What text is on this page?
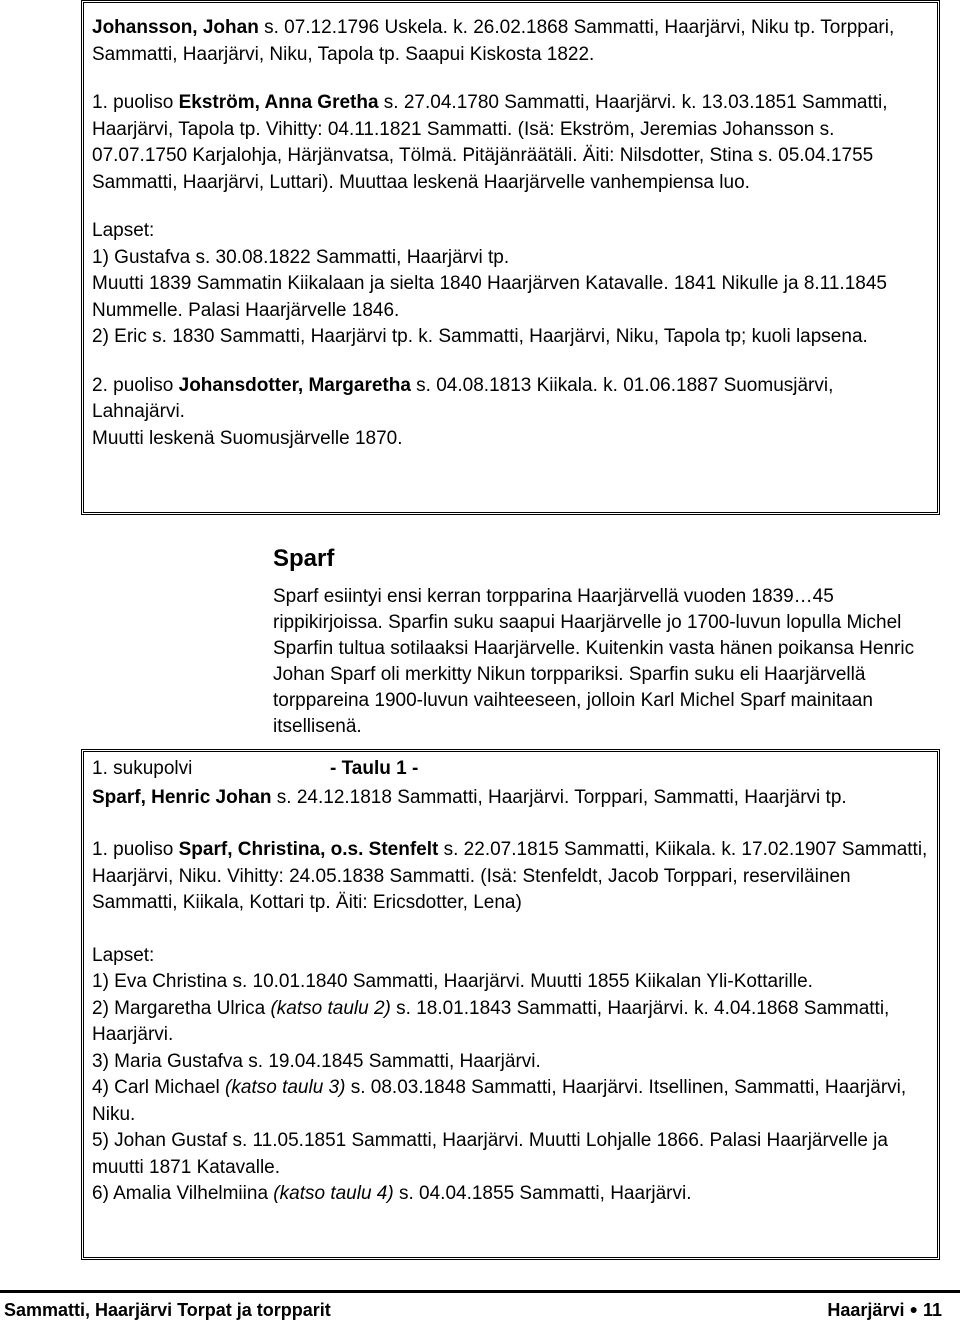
Johansson, Johan s. 07.12.1796 Uskela. k. 26.02.1868 Sammatti, Haarjärvi, Niku tp. Torppari, Sammatti, Haarjärvi, Niku, Tapola tp. Saapui Kiskosta 1822.

1. puoliso Ekström, Anna Gretha s. 27.04.1780 Sammatti, Haarjärvi. k. 13.03.1851 Sammatti, Haarjärvi, Tapola tp. Vihitty: 04.11.1821 Sammatti. (Isä: Ekström, Jeremias Johansson s. 07.07.1750 Karjalohja, Härjänvatsa, Tölmä. Pitäjänräätäli. Äiti: Nilsdotter, Stina s. 05.04.1755 Sammatti, Haarjärvi, Luttari). Muuttaa leskenä Haarjärvelle vanhempiensa luo.

Lapset:

1) Gustafva s. 30.08.1822 Sammatti, Haarjärvi tp.

Muutti 1839 Sammatin Kiikalaan ja sielta 1840 Haarjärven Katavalle. 1841 Nikulle ja 8.11.1845 Nummelle. Palasi Haarjärvelle 1846.

2) Eric s. 1830 Sammatti, Haarjärvi tp. k. Sammatti, Haarjärvi, Niku, Tapola tp; kuoli lapsena.

2. puoliso Johansdotter, Margaretha s. 04.08.1813 Kiikala. k. 01.06.1887 Suomusjärvi, Lahnajärvi.

Muutti leskenä Suomusjärvelle 1870.

Sparf

Sparf esiintyi ensi kerran torpparina Haarjärvellä vuoden 1839…45 rippikirjoissa. Sparfin suku saapui Haarjärvelle jo 1700-luvun lopulla Michel Sparfin tultua sotilaaksi Haarjärvelle. Kuitenkin vasta hänen poikansa Henric Johan Sparf oli merkitty Nikun torppariksi. Sparfin suku eli Haarjärvellä torppareina 1900-luvun vaihteeseen, jolloin Karl Michel Sparf mainitaan itsellisenä.

1. sukupolvi	- Taulu 1 -

Sparf, Henric Johan s. 24.12.1818 Sammatti, Haarjärvi. Torppari, Sammatti, Haarjärvi tp.

1. puoliso Sparf, Christina, o.s. Stenfelt s. 22.07.1815 Sammatti, Kiikala. k. 17.02.1907 Sammatti, Haarjärvi, Niku. Vihitty: 24.05.1838 Sammatti. (Isä: Stenfeldt, Jacob Torppari, reserviläinen Sammatti, Kiikala, Kottari tp. Äiti: Ericsdotter, Lena)

Lapset:

1) Eva Christina s. 10.01.1840 Sammatti, Haarjärvi. Muutti 1855 Kiikalan Yli-Kottarille.

2) Margaretha Ulrica (katso taulu 2) s. 18.01.1843 Sammatti, Haarjärvi. k. 4.04.1868 Sammatti, Haarjärvi.

3) Maria Gustafva s. 19.04.1845 Sammatti, Haarjärvi.

4) Carl Michael (katso taulu 3) s. 08.03.1848 Sammatti, Haarjärvi. Itsellinen, Sammatti, Haarjärvi, Niku.

5) Johan Gustaf s. 11.05.1851 Sammatti, Haarjärvi. Muutti Lohjalle 1866. Palasi Haarjärvelle ja muutti 1871 Katavalle.

6) Amalia Vilhelmiina (katso taulu 4) s. 04.04.1855 Sammatti, Haarjärvi.

Sammatti, Haarjärvi Torpat ja torpparit	Haarjärvi ● 11
